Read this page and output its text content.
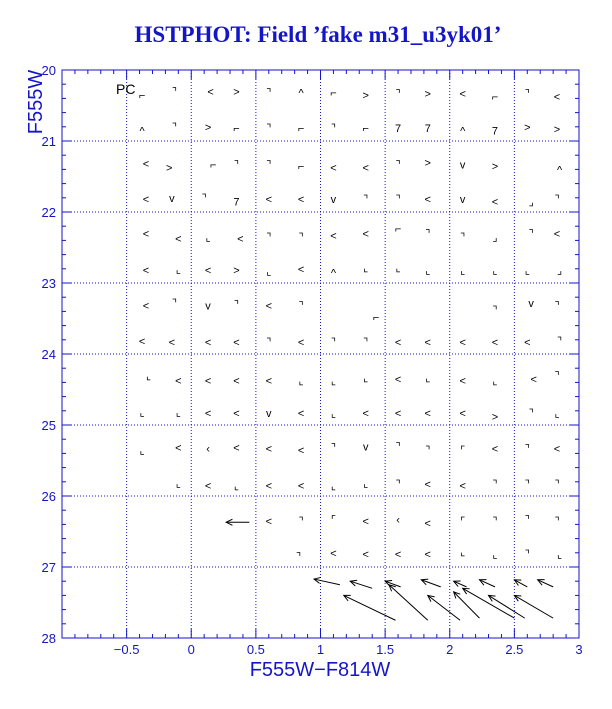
HSTPHOT: Field ’fake m31_u3yk01’
⌐ ⌝	< > ⌝ ^ ⌐ > ⌝ >	< ⌐ ⌝ <
^ ⌝	> ⌐ ⌝ ⌐ ⌝ ⌐ 7 7	^ 7 > >
< >	⌐ ⌝ ⌝ ⌐ < < ⌝ >	v >	^
< v ⌝ 7 < < v ⌝ ⌝ <	v <	⌟ ⌝
< < ⌞ < ⌝ ⌝ < < ⌐ ⌝	⌝ ⌟	⌝ <
< ⌞ < > ⌞ < ^ ⌞ ⌞ ⌞	⌞ ⌞ ⌞ ⌟
< ⌝	v ⌝ < ⌝
⌐
⌝
v ⌝
< <	< < ⌝ < ⌝ ⌝ < <	< < < ⌝
⌞ < < < < ⌞ ⌞ ⌞ < ⌞	< ⌞	< ⌝
⌞	⌞ < < v < ⌞ < < <	< >	⌝ ⌞
⌞	< ‹ < < < ⌝ v ⌝ ⌝	⌜ < ⌝ <
⌞ < ⌞ < < ⌞ ⌞ ⌝ <	< ⌝ ⌝ ⌝
< ⌝ ⌜ < ‹ <	⌜ ⌝ ⌝ ⌝
⌝	< < < <	⌞ ⌞ ⌝ ⌞
−0.5	0	0.5	1	1.5	2	2.5	3
20
21
22
23
24
25
26
27
28
PC
F555W−F814W
F555W
